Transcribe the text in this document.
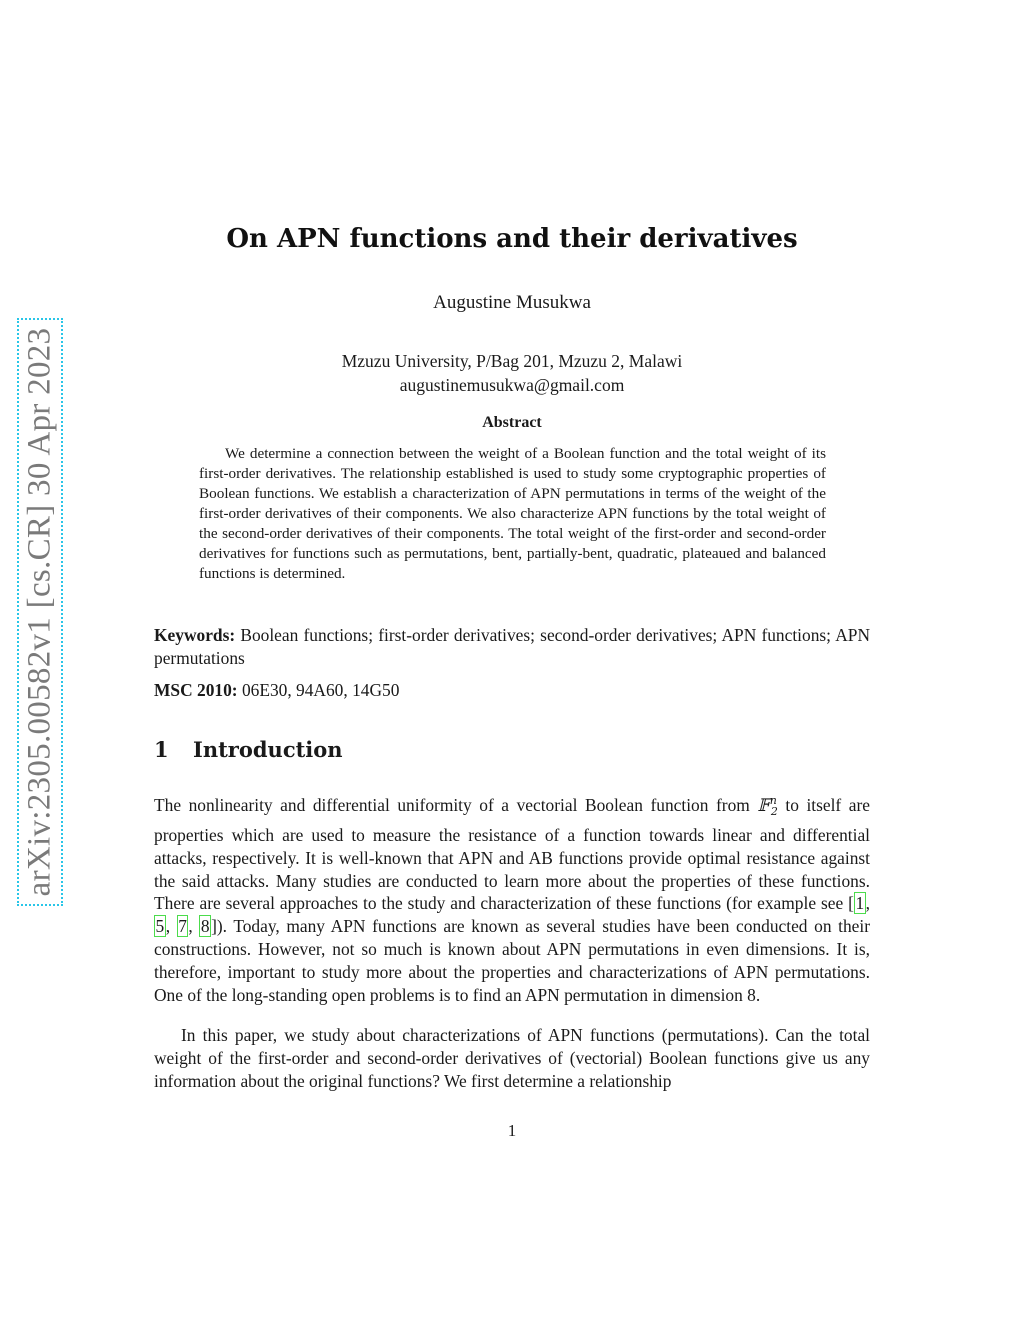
arXiv:2305.00582v1 [cs.CR] 30 Apr 2023
On APN functions and their derivatives
Augustine Musukwa
Mzuzu University, P/Bag 201, Mzuzu 2, Malawi
augustinemusukwa@gmail.com
Abstract

We determine a connection between the weight of a Boolean function and the total weight of its first-order derivatives. The relationship established is used to study some cryptographic properties of Boolean functions. We establish a characterization of APN permutations in terms of the weight of the first-order derivatives of their components. We also characterize APN functions by the total weight of the second-order derivatives of their components. The total weight of the first-order and second-order derivatives for functions such as permutations, bent, partially-bent, quadratic, plateaued and balanced functions is determined.

Keywords: Boolean functions; first-order derivatives; second-order derivatives; APN functions; APN permutations

MSC 2010: 06E30, 94A60, 14G50

1 Introduction

The nonlinearity and differential uniformity of a vectorial Boolean function from 𝔽$^n_2$ to itself are properties which are used to measure the resistance of a function towards linear and differential attacks, respectively. It is well-known that APN and AB functions provide optimal resistance against the said attacks. Many studies are conducted to learn more about the properties of these functions. There are several approaches to the study and characterization of these functions (for example see [1, 5, 7, 8]). Today, many APN functions are known as several studies have been conducted on their constructions. However, not so much is known about APN permutations in even dimensions. It is, therefore, important to study more about the properties and characterizations of APN permutations. One of the long-standing open problems is to find an APN permutation in dimension 8.

In this paper, we study about characterizations of APN functions (permutations). Can the total weight of the first-order and second-order derivatives of (vectorial) Boolean functions give us any information about the original functions? We first determine a relationship

1
